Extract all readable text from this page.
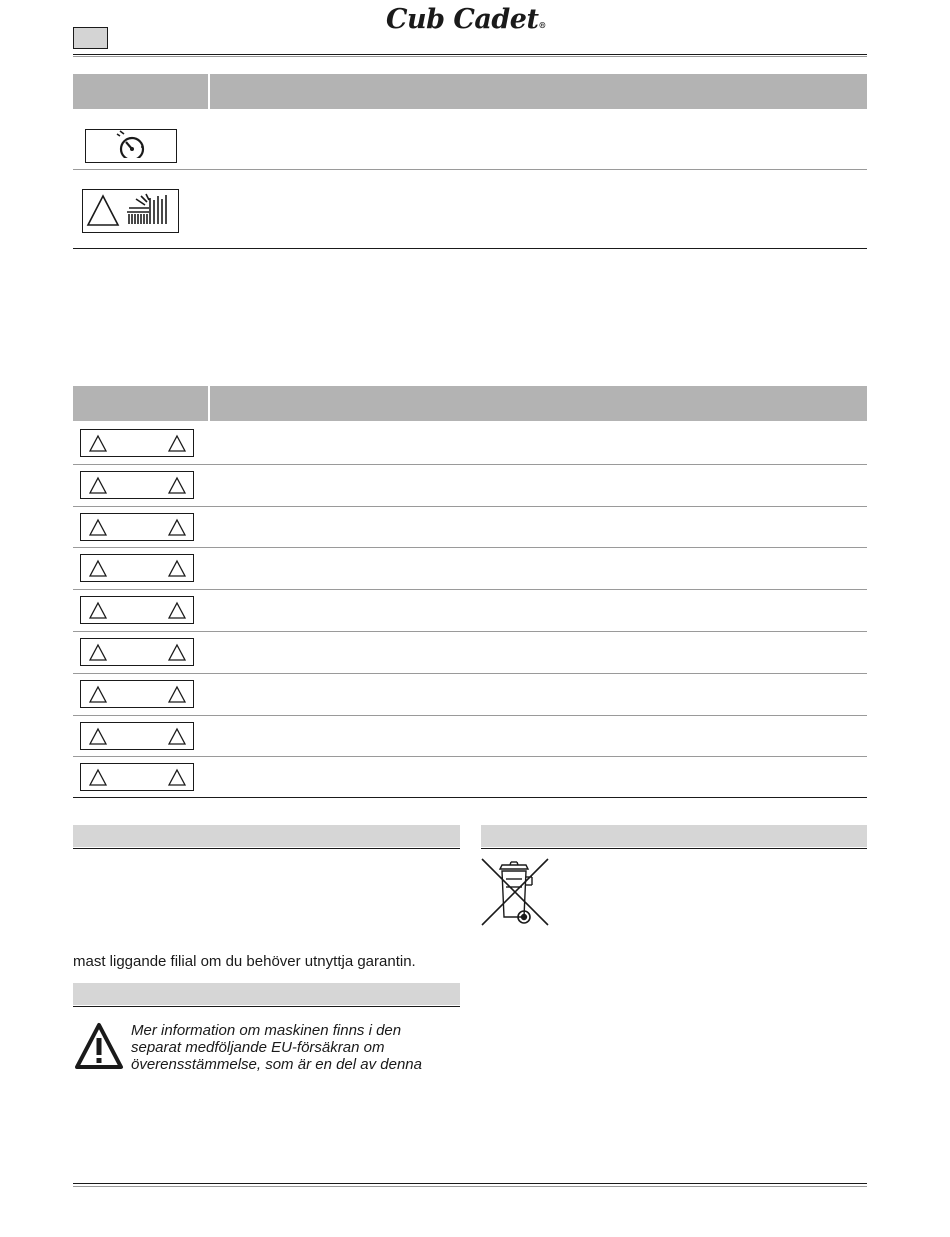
Cub Cadet®
mast liggande filial om du behöver utnyttja garantin.
Mer information om maskinen finns i den
separat medföljande EU-försäkran om
överensstämmelse, som är en del av denna
